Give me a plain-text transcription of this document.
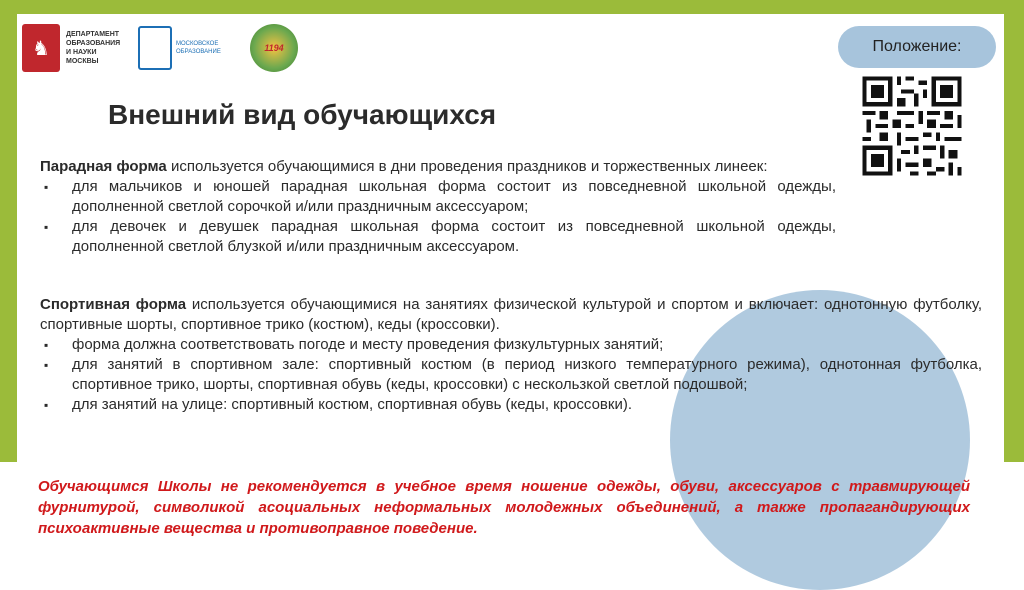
♞
ДЕПАРТАМЕНТ
ОБРАЗОВАНИЯ
И НАУКИ
МОСКВЫ
МОСКОВСКОЕ
ОБРАЗОВАНИЕ	1194	Положение:
Внешний вид обучающихся

Парадная форма используется обучающимися в дни проведения праздников и торжественных линеек:

▪ для мальчиков и юношей парадная школьная форма состоит из повседневной школьной одежды, дополненной светлой сорочкой и/или праздничным аксессуаром;
▪ для девочек и девушек парадная школьная форма состоит из повседневной школьной одежды, дополненной светлой блузкой и/или праздничным аксессуаром.

Спортивная форма используется обучающимися на занятиях физической культурой и спортом и включает: однотонную футболку, спортивные шорты, спортивное трико (костюм), кеды (кроссовки).

▪ форма должна соответствовать погоде и месту проведения физкультурных занятий;
▪ для занятий в спортивном зале: спортивный костюм (в период низкого температурного режима), однотонная футболка, спортивное трико, шорты, спортивная обувь (кеды, кроссовки) с нескользкой светлой подошвой;
▪ для занятий на улице: спортивный костюм, спортивная обувь (кеды, кроссовки).

Обучающимся Школы не рекомендуется в учебное время ношение одежды, обуви, аксессуаров с травмирующей фурнитурой, символикой асоциальных неформальных молодежных объединений, а также пропагандирующих психоактивные вещества и противоправное поведение.
